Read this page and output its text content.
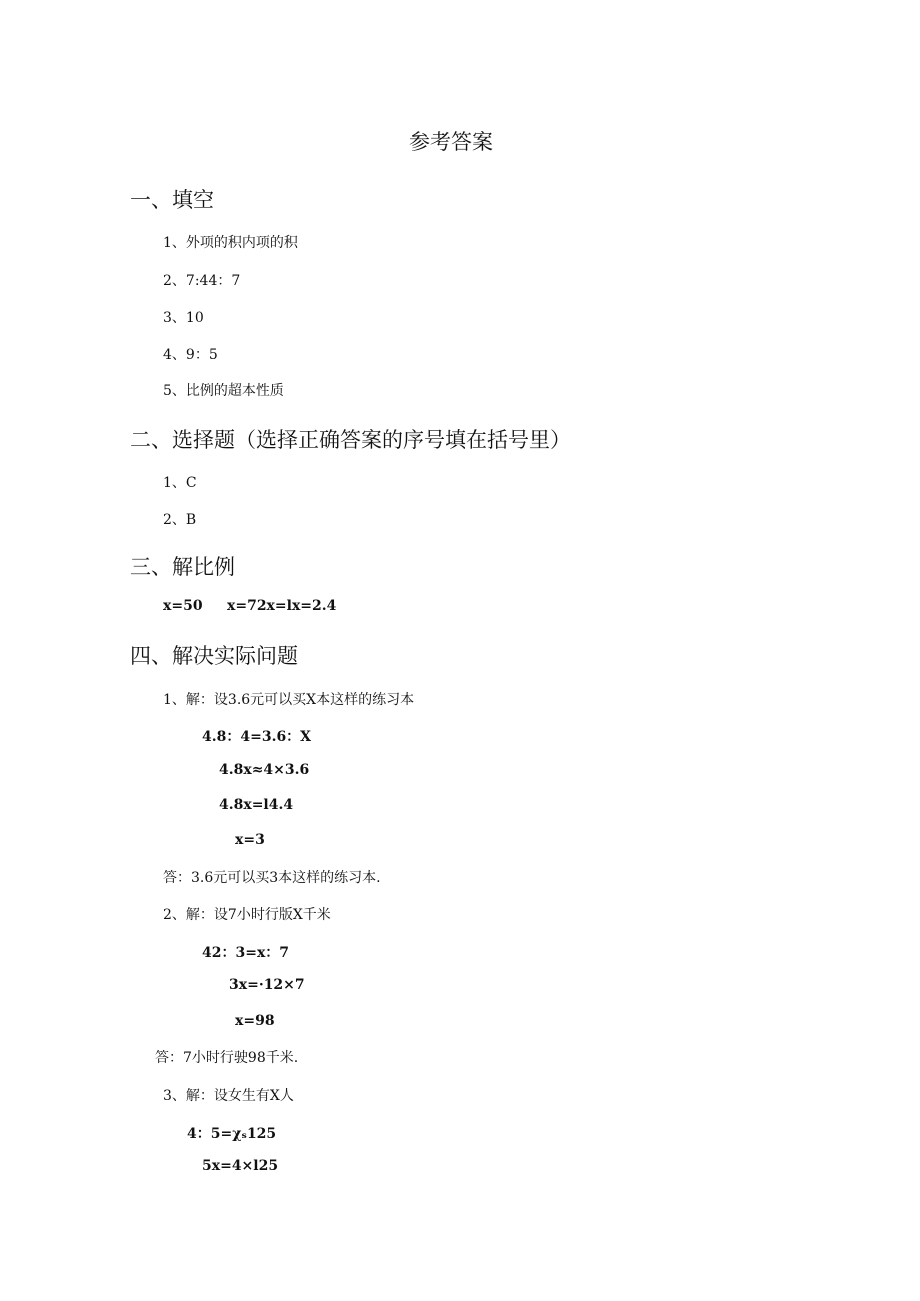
参考答案
一、填空
1、外项的积内项的积
2、7:44：7
3、10
4、9：5
5、比例的超本性质
二、选择题（选择正确答案的序号填在括号里）
1、C
2、B
三、解比例
x=50 x=72x=lx=2.4
四、解决实际问题
1、解：设3.6元可以买X本这样的练习本
4.8：4=3.6：X
4.8x≈4×3.6
4.8x=l4.4
x=3
答：3.6元可以买3本这样的练习本.
2、解：设7小时行版X千米
42：3=x：7
3x=·12×7
x=98
答：7小时行驶98千米.
3、解：设女生有X人
4：5=χₛ125
5x=4×l25
